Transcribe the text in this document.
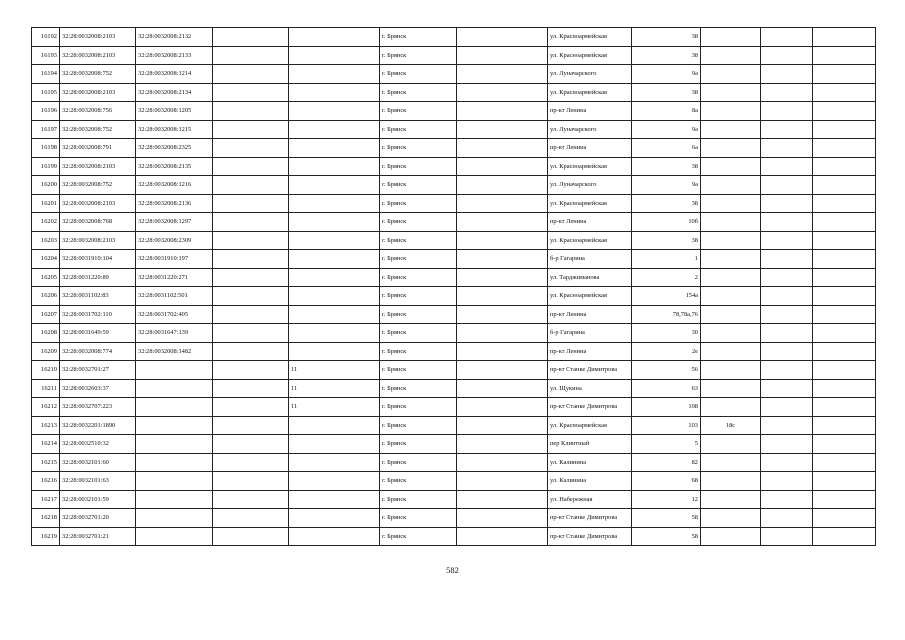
16192	32:28:0032008:2103	32:28:0032008:2132			г. Брянск		ул. Красноармейская	38			
16193	32:28:0032008:2103	32:28:0032008:2133			г. Брянск		ул. Красноармейская	38			
16194	32:28:0032008:752	32:28:0032008:1214			г. Брянск		ул. Луначарского	9а			
16195	32:28:0032008:2103	32:28:0032008:2134			г. Брянск		ул. Красноармейская	38			
16196	32:28:0032008:756	32:28:0032008:1205			г. Брянск		пр-кт Ленина	8а			
16197	32:28:0032008:752	32:28:0032008:1215			г. Брянск		ул. Луначарского	9а			
16198	32:28:0032008:791	32:28:0032008:2325			г. Брянск		пр-кт Ленина	6а			
16199	32:28:0032008:2103	32:28:0032008:2135			г. Брянск		ул. Красноармейская	38			
16200	32:28:0032008:752	32:28:0032008:1216			г. Брянск		ул. Луначарского	9а			
16201	32:28:0032008:2103	32:28:0032008:2136			г. Брянск		ул. Красноармейская	38			
16202	32:28:0032008:768	32:28:0032008:1297			г. Брянск		пр-кт Ленина	10б			
16203	32:28:0032008:2103	32:28:0032008:2309			г. Брянск		ул. Красноармейская	38			
16204	32:28:0031910:104	32:28:0031910:197			г. Брянск		б-р Гагарина	1			
16205	32:28:0031220:89	32:28:0031220:271			г. Брянск		ул. Тарджиманова	2			
16206	32:28:0031102:83	32:28:0031102:501			г. Брянск		ул. Красноармейская	154а			
16207	32:28:0031702:110	32:28:0031702:405			г. Брянск		пр-кт Ленина	78,78а,76			
16208	32:28:0031649:59	32:28:0031647:139			г. Брянск		б-р Гагарина	30			
16209	32:28:0032008:774	32:28:0032008:1482			г. Брянск		пр-кт Ленина	2е			
16210	32:28:0032701:27			11	г. Брянск		пр-кт Станке Димитрова	56			
16211	32:28:0032603:37			11	г. Брянск		ул. Щукина	63			
16212	32:28:0032707:223			11	г. Брянск		пр-кт Станке Димитрова	108			
16213	32:28:0032201:1890				г. Брянск		ул. Красноармейская	103	18с		
16214	32:28:0032510:32				г. Брянск		пер Клинтный	5			
16215	32:28:0032101:60				г. Брянск		ул. Калинина	82			
16216	32:28:0032101:63				г. Брянск		ул. Калинина	68			
16217	32:28:0032101:59				г. Брянск		ул. Набережная	12			
16218	32:28:0032701:20				г. Брянск		пр-кт Станке Димитрова	58			
16219	32:28:0032701:21				г. Брянск		пр-кт Станке Димитрова	58			
582
